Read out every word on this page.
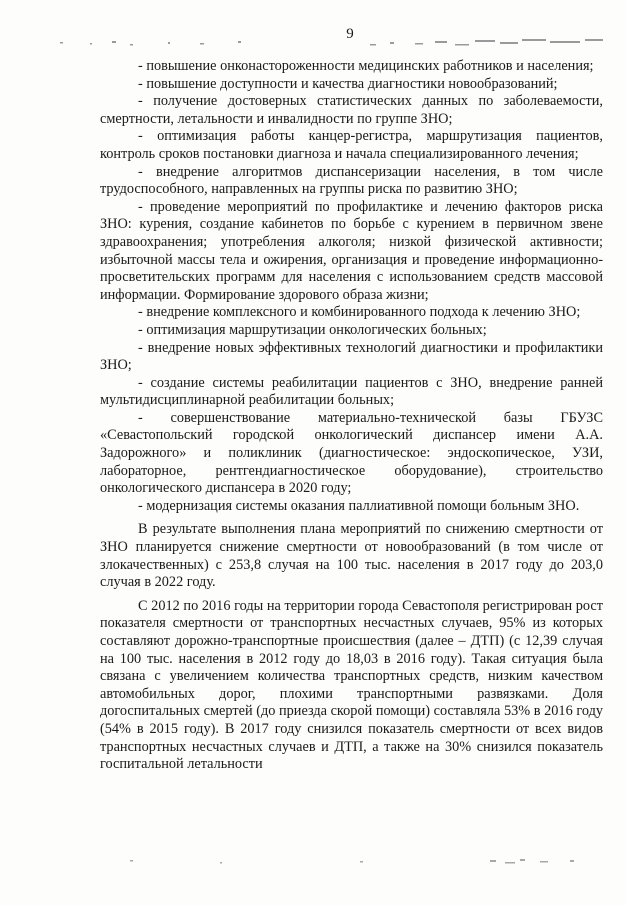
9

- повышение онконастороженности медицинских работников и населения;

- повышение доступности и качества диагностики новообразований;

- получение достоверных статистических данных по заболеваемости, смертности, летальности и инвалидности по группе ЗНО;

- оптимизация работы канцер-регистра, маршрутизация пациентов, контроль сроков постановки диагноза и начала специализированного лечения;

- внедрение алгоритмов диспансеризации населения, в том числе трудоспособного, направленных на группы риска по развитию ЗНО;

- проведение мероприятий по профилактике и лечению факторов риска ЗНО: курения, создание кабинетов по борьбе с курением в первичном звене здравоохранения; употребления алкоголя; низкой физической активности; избыточной массы тела и ожирения, организация и проведение информационно-просветительских программ для населения с использованием средств массовой информации. Формирование здорового образа жизни;

- внедрение комплексного и комбинированного подхода к лечению ЗНО;

- оптимизация маршрутизации онкологических больных;

- внедрение новых эффективных технологий диагностики и профилактики ЗНО;

- создание системы реабилитации пациентов с ЗНО, внедрение ранней мультидисциплинарной реабилитации больных;

- совершенствование материально-технической базы ГБУЗС «Севастопольский городской онкологический диспансер имени А.А. Задорожного» и поликлиник (диагностическое: эндоскопическое, УЗИ, лабораторное, рентгендиагностическое оборудование), строительство онкологического диспансера в 2020 году;

- модернизация системы оказания паллиативной помощи больным ЗНО.

В результате выполнения плана мероприятий по снижению смертности от ЗНО планируется снижение смертности от новообразований (в том числе от злокачественных) с 253,8 случая на 100 тыс. населения в 2017 году до 203,0 случая в 2022 году.

С 2012 по 2016 годы на территории города Севастополя регистрирован рост показателя смертности от транспортных несчастных случаев, 95% из которых составляют дорожно-транспортные происшествия (далее – ДТП) (с 12,39 случая на 100 тыс. населения в 2012 году до 18,03 в 2016 году). Такая ситуация была связана с увеличением количества транспортных средств, низким качеством автомобильных дорог, плохими транспортными развязками. Доля догоспитальных смертей (до приезда скорой помощи) составляла 53% в 2016 году (54% в 2015 году). В 2017 году снизился показатель смертности от всех видов транспортных несчастных случаев и ДТП, а также на 30% снизился показатель госпитальной летальности
